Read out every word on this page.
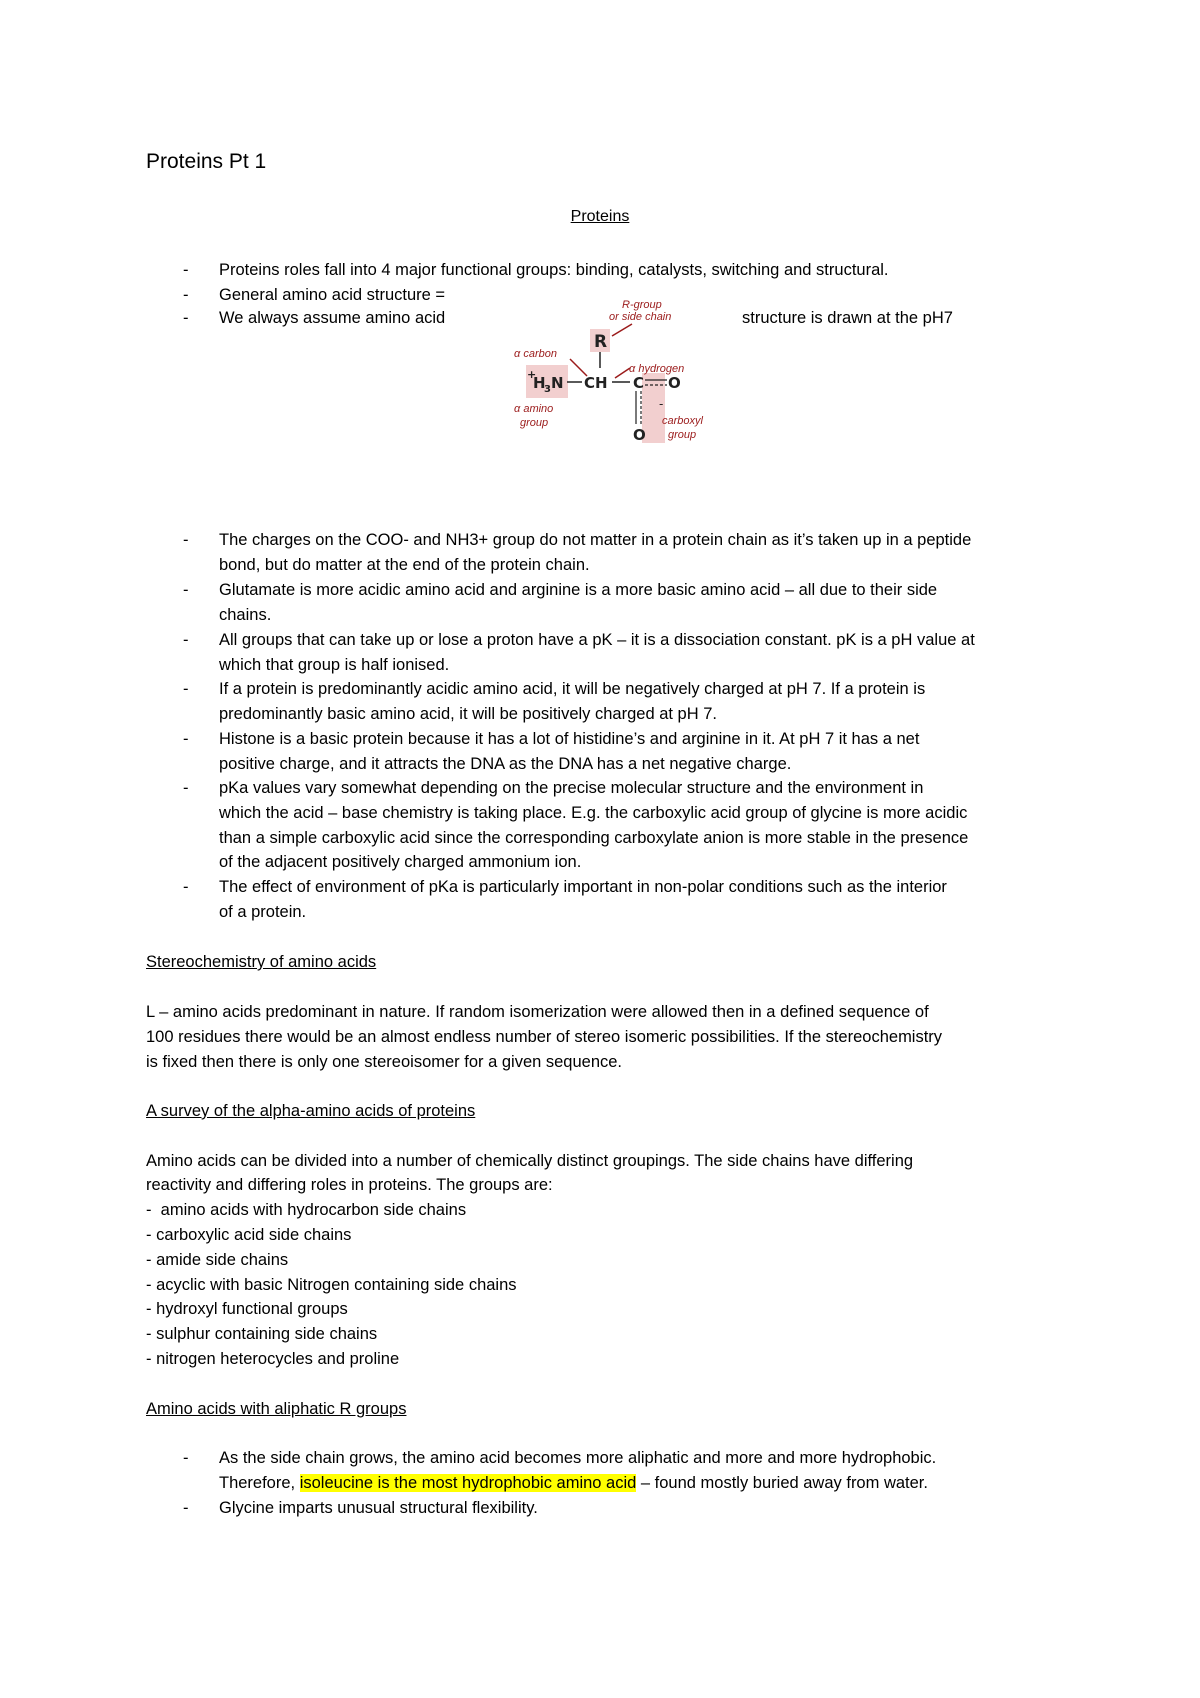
Proteins Pt 1
Proteins
- Proteins roles fall into 4 major functional groups: binding, catalysts, switching and structural.
- General amino acid structure =
- We always assume amino acid	structure is drawn at the pH7
R-group
or side chain
R
α carbon
α hydrogen
+
H
3 N CH C O
-
O
α amino
group	carboxyl
group
- The charges on the COO- and NH3+ group do not matter in a protein chain as it’s taken up in a peptide
bond, but do matter at the end of the protein chain.
- Glutamate is more acidic amino acid and arginine is a more basic amino acid – all due to their side
chains.
- All groups that can take up or lose a proton have a pK – it is a dissociation constant. pK is a pH value at
which that group is half ionised.
- If a protein is predominantly acidic amino acid, it will be negatively charged at pH 7. If a protein is
predominantly basic amino acid, it will be positively charged at pH 7.
- Histone is a basic protein because it has a lot of histidine’s and arginine in it. At pH 7 it has a net
positive charge, and it attracts the DNA as the DNA has a net negative charge.
- pKa values vary somewhat depending on the precise molecular structure and the environment in
which the acid – base chemistry is taking place. E.g. the carboxylic acid group of glycine is more acidic
than a simple carboxylic acid since the corresponding carboxylate anion is more stable in the presence
of the adjacent positively charged ammonium ion.
- The effect of environment of pKa is particularly important in non-polar conditions such as the interior
of a protein.
Stereochemistry of amino acids
L – amino acids predominant in nature. If random isomerization were allowed then in a defined sequence of
100 residues there would be an almost endless number of stereo isomeric possibilities. If the stereochemistry
is fixed then there is only one stereoisomer for a given sequence.
A survey of the alpha-amino acids of proteins
Amino acids can be divided into a number of chemically distinct groupings. The side chains have differing
reactivity and differing roles in proteins. The groups are:
-  amino acids with hydrocarbon side chains
- carboxylic acid side chains
- amide side chains
- acyclic with basic Nitrogen containing side chains
- hydroxyl functional groups
- sulphur containing side chains
- nitrogen heterocycles and proline
Amino acids with aliphatic R groups
- As the side chain grows, the amino acid becomes more aliphatic and more and more hydrophobic.
Therefore, isoleucine is the most hydrophobic amino acid – found mostly buried away from water.
- Glycine imparts unusual structural flexibility.
